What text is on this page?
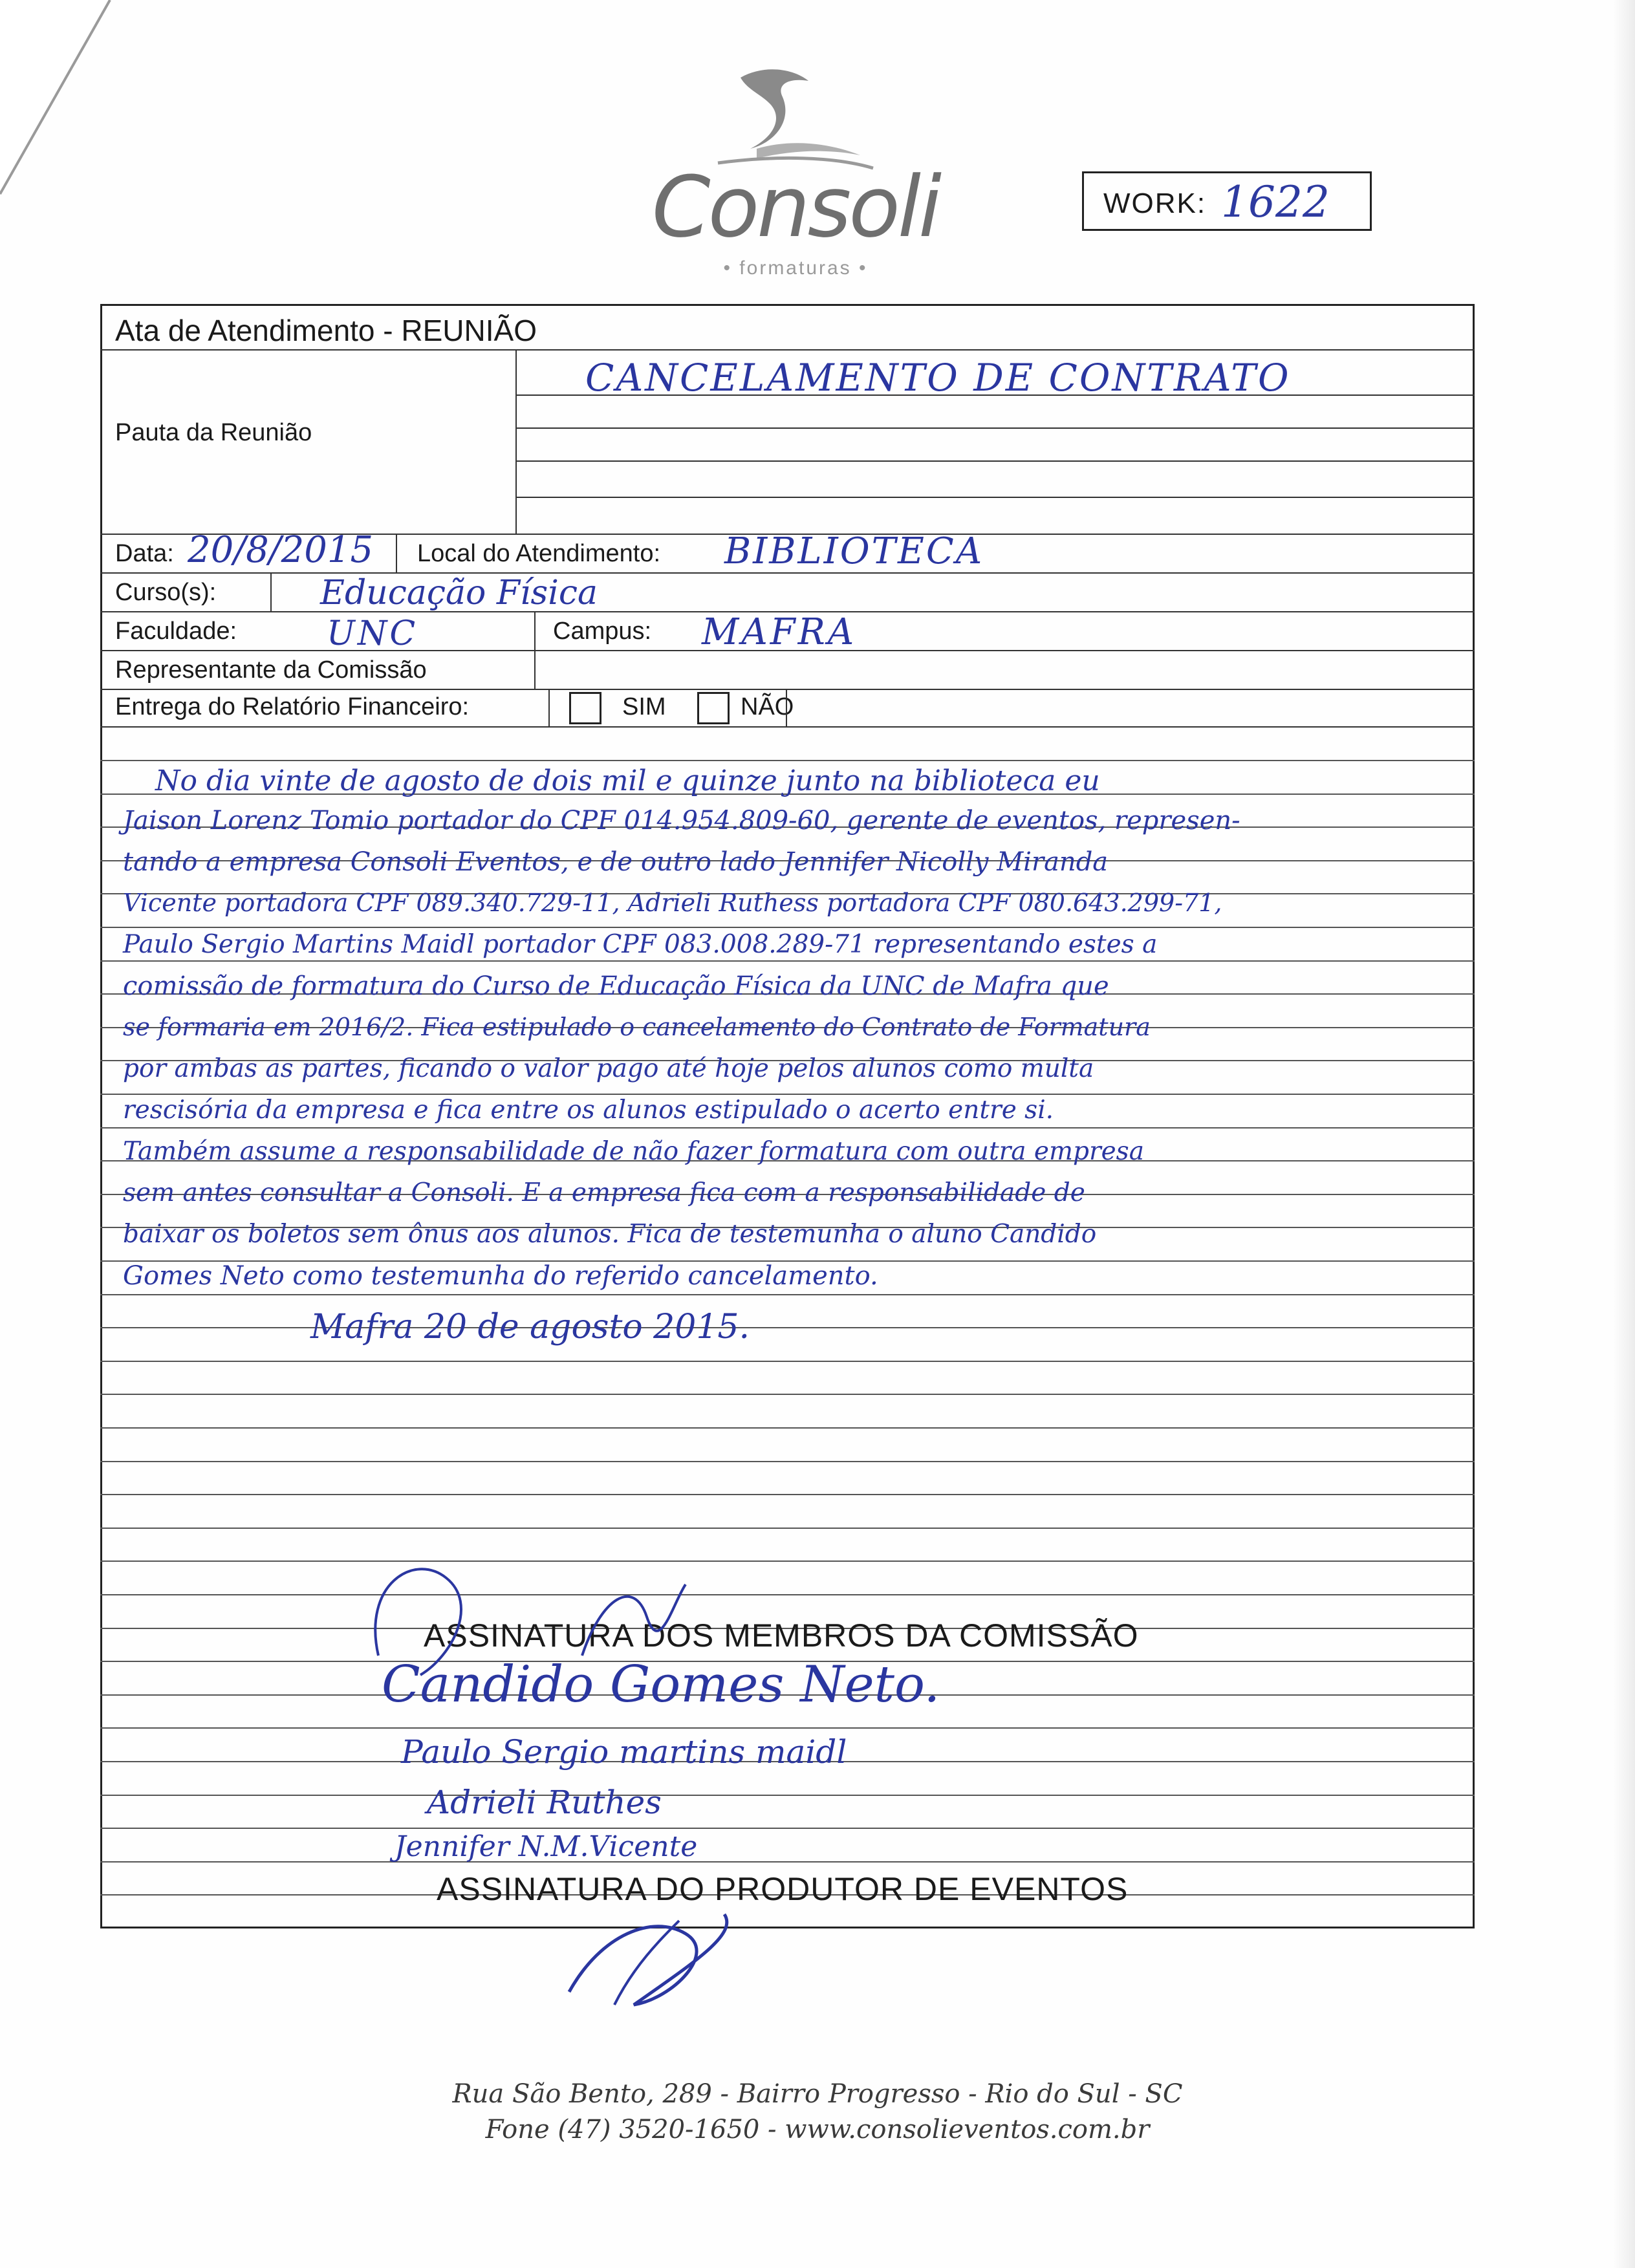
Consoli
• formaturas •
WORK: 1622
Ata de Atendimento - REUNIÃO
Pauta da Reunião
CANCELAMENTO DE CONTRATO
Data: 20/8/2015 Local do Atendimento: BIBLIOTECA
Curso(s):	Educação Física
Faculdade:	UNC	Campus: MAFRA
Representante da Comissão
Entrega do Relatório Financeiro:	SIM	NÃO
No dia vinte de agosto de dois mil e quinze junto na biblioteca eu
Jaison Lorenz Tomio portador do CPF 014.954.809-60, gerente de eventos, represen-
tando a empresa Consoli Eventos, e de outro lado Jennifer Nicolly Miranda
Vicente portadora CPF 089.340.729-11, Adrieli Ruthess portadora CPF 080.643.299-71,
Paulo Sergio Martins Maidl portador CPF 083.008.289-71 representando estes a
comissão de formatura do Curso de Educação Física da UNC de Mafra que
se formaria em 2016/2. Fica estipulado o cancelamento do Contrato de Formatura
por ambas as partes, ficando o valor pago até hoje pelos alunos como multa
rescisória da empresa e fica entre os alunos estipulado o acerto entre si.
Também assume a responsabilidade de não fazer formatura com outra empresa
sem antes consultar a Consoli. E a empresa fica com a responsabilidade de
baixar os boletos sem ônus aos alunos. Fica de testemunha o aluno Candido
Gomes Neto como testemunha do referido cancelamento.
Mafra 20 de agosto 2015.
ASSINATURA DOS MEMBROS DA COMISSÃO
Candido Gomes Neto.
Paulo Sergio martins maidl
Adrieli Ruthes
Jennifer N.M.Vicente
ASSINATURA DO PRODUTOR DE EVENTOS
Rua São Bento, 289 - Bairro Progresso - Rio do Sul - SC
Fone (47) 3520-1650 - www.consolieventos.com.br
